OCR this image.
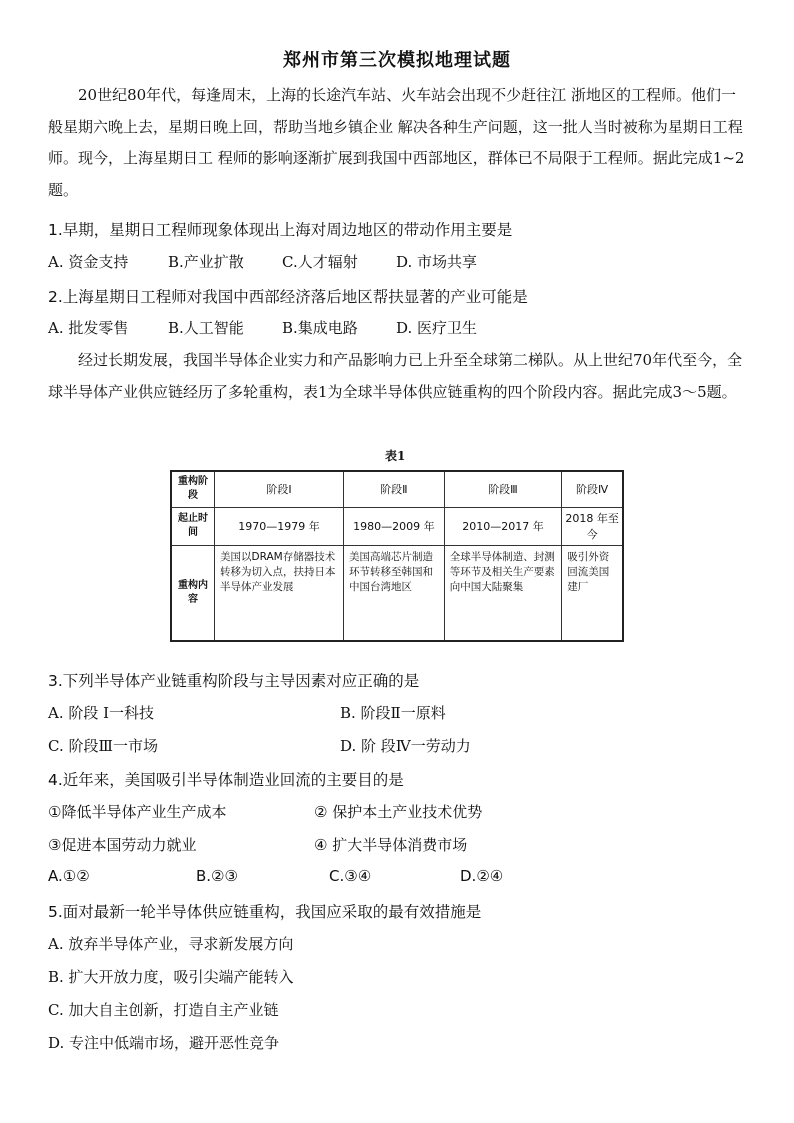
郑州市第三次模拟地理试题
20世纪80年代，每逢周末，上海的长途汽车站、火车站会出现不少赶往江 浙地区的工程师。他们一般星期六晚上去，星期日晚上回，帮助当地乡镇企业 解决各种生产问题，这一批人当时被称为星期日工程师。现今，上海星期日工 程师的影响逐渐扩展到我国中西部地区，群体已不局限于工程师。据此完成1~2题。
1.早期，星期日工程师现象体现出上海对周边地区的带动作用主要是
A. 资金支持	B.产业扩散	C.人才辐射	D. 市场共享
2.上海星期日工程师对我国中西部经济落后地区帮扶显著的产业可能是
A. 批发零售	B.人工智能	B.集成电路	D. 医疗卫生
经过长期发展，我国半导体企业实力和产品影响力已上升至全球第二梯队。从上世纪70年代至今，全球半导体产业供应链经历了多轮重构，表1为全球半导体供应链重构的四个阶段内容。据此完成3～5题。
表1
重构阶段	阶段Ⅰ	阶段Ⅱ	阶段Ⅲ	阶段Ⅳ
起止时间	1970—1979 年	1980—2009 年	2010—2017 年	2018 年至今
重构内容	美国以DRAM存储器技术转移为切入点，扶持日本半导体产业发展	美国高端芯片制造环节转移至韩国和中国台湾地区	全球半导体制造、封测等环节及相关生产要素向中国大陆聚集	吸引外资回流美国建厂
3.下列半导体产业链重构阶段与主导因素对应正确的是
A. 阶段 Ⅰ一科技	B. 阶段Ⅱ一原料
C. 阶段Ⅲ一市场	D. 阶 段Ⅳ一劳动力
4.近年来，美国吸引半导体制造业回流的主要目的是
①降低半导体产业生产成本	② 保护本土产业技术优势
③促进本国劳动力就业	④ 扩大半导体消费市场
A.①②	B.②③	C.③④	D.②④
5.面对最新一轮半导体供应链重构，我国应采取的最有效措施是
A. 放弃半导体产业，寻求新发展方向
B. 扩大开放力度，吸引尖端产能转入
C. 加大自主创新，打造自主产业链
D. 专注中低端市场，避开恶性竞争
